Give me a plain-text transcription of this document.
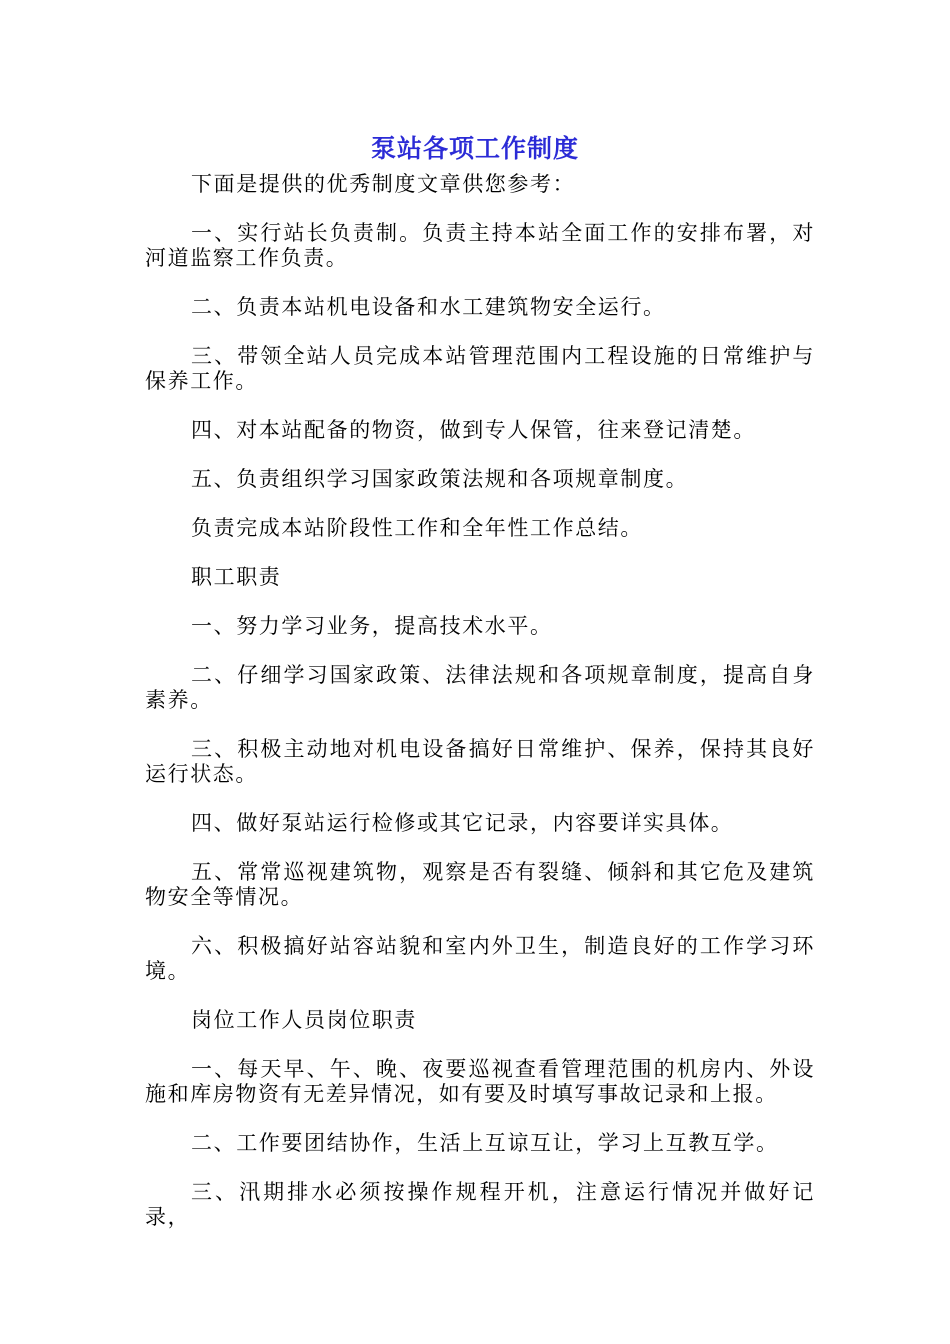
泵站各项工作制度

下面是提供的优秀制度文章供您参考：

一、实行站长负责制。负责主持本站全面工作的安排布署，对河道监察工作负责。

二、负责本站机电设备和水工建筑物安全运行。

三、带领全站人员完成本站管理范围内工程设施的日常维护与保养工作。

四、对本站配备的物资，做到专人保管，往来登记清楚。

五、负责组织学习国家政策法规和各项规章制度。

负责完成本站阶段性工作和全年性工作总结。

职工职责

一、努力学习业务，提高技术水平。

二、仔细学习国家政策、法律法规和各项规章制度，提高自身素养。

三、积极主动地对机电设备搞好日常维护、保养，保持其良好运行状态。

四、做好泵站运行检修或其它记录，内容要详实具体。

五、常常巡视建筑物，观察是否有裂缝、倾斜和其它危及建筑物安全等情况。

六、积极搞好站容站貌和室内外卫生，制造良好的工作学习环境。

岗位工作人员岗位职责

一、每天早、午、晚、夜要巡视查看管理范围的机房内、外设施和库房物资有无差异情况，如有要及时填写事故记录和上报。

二、工作要团结协作，生活上互谅互让，学习上互教互学。

三、汛期排水必须按操作规程开机，注意运行情况并做好记录，
